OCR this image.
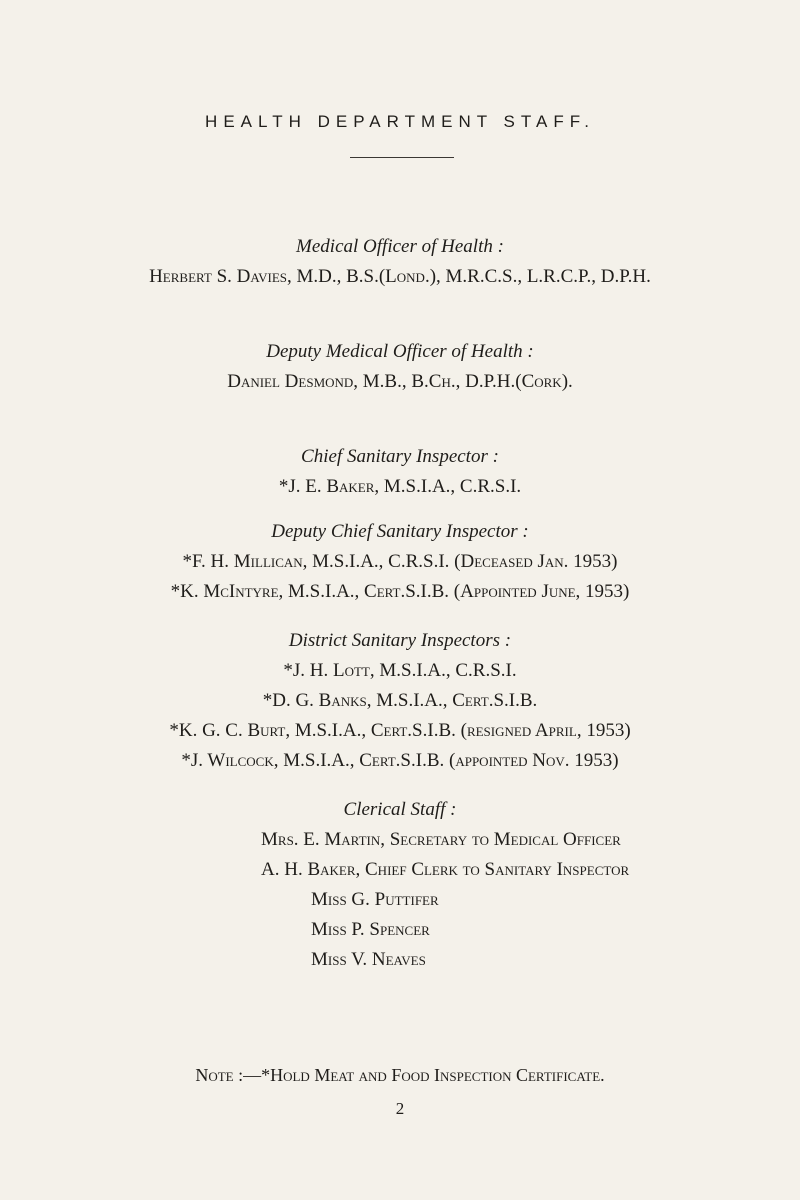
HEALTH DEPARTMENT STAFF.
Medical Officer of Health :
Herbert S. Davies, M.D., B.S.(Lond.), M.R.C.S., L.R.C.P., D.P.H.
Deputy Medical Officer of Health :
Daniel Desmond, M.B., B.Ch., D.P.H.(Cork).
Chief Sanitary Inspector :
*J. E. Baker, M.S.I.A., C.R.S.I.
Deputy Chief Sanitary Inspector :
*F. H. Millican, M.S.I.A., C.R.S.I. (Deceased Jan. 1953)
*K. McIntyre, M.S.I.A., Cert.S.I.B. (Appointed June, 1953)
District Sanitary Inspectors :
*J. H. Lott, M.S.I.A., C.R.S.I.
*D. G. Banks, M.S.I.A., Cert.S.I.B.
*K. G. C. Burt, M.S.I.A., Cert.S.I.B. (resigned April, 1953)
*J. Wilcock, M.S.I.A., Cert.S.I.B. (appointed Nov. 1953)
Clerical Staff :
Mrs. E. Martin, Secretary to Medical Officer
A. H. Baker, Chief Clerk to Sanitary Inspector
Miss G. Puttifer
Miss P. Spencer
Miss V. Neaves
Note :—*Hold Meat and Food Inspection Certificate.
2
